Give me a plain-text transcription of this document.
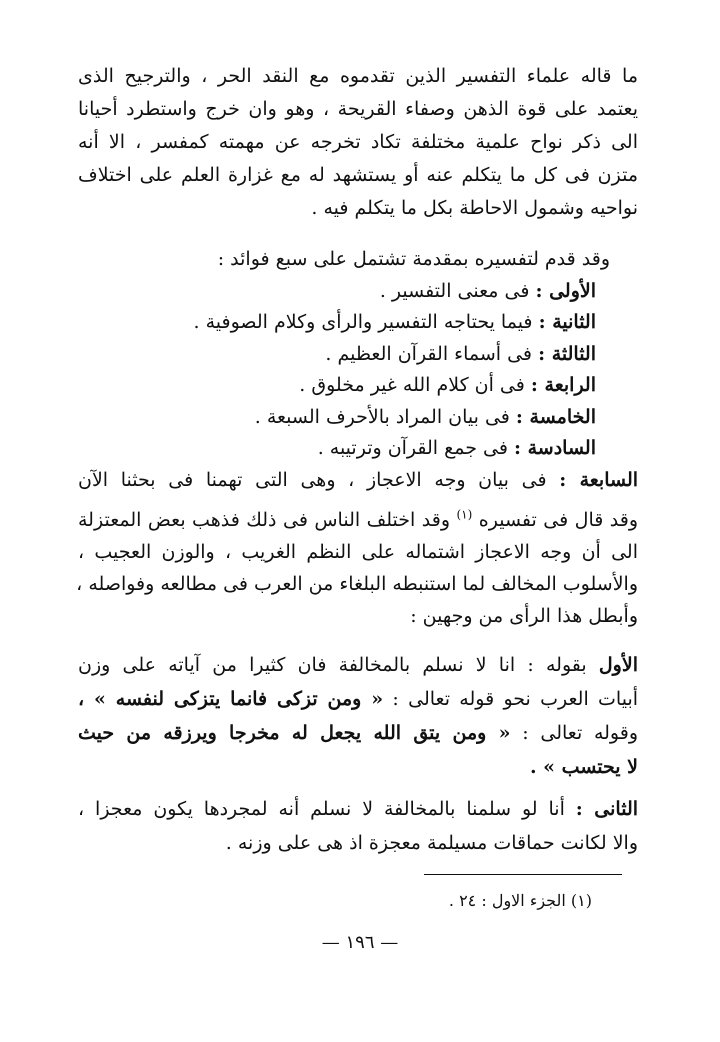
ما قاله علماء التفسير الذين تقدموه مع النقد الحر ، والترجيح الذى
يعتمد على قوة الذهن وصفاء القريحة ، وهو وان خرج واستطرد أحيانا
الى ذكر نواح علمية مختلفة تكاد تخرجه عن مهمته كمفسر ، الا أنه
متزن فى كل ما يتكلم عنه أو يستشهد له مع غزارة العلم على اختلاف
نواحيه وشمول الاحاطة بكل ما يتكلم فيه .
وقد قدم لتفسيره بمقدمة تشتمل على سبع فوائد :
الأولى : فى معنى التفسير .
الثانية : فيما يحتاجه التفسير والرأى وكلام الصوفية .
الثالثة : فى أسماء القرآن العظيم .
الرابعة : فى أن كلام الله غير مخلوق .
الخامسة : فى بيان المراد بالأحرف السبعة .
السادسة : فى جمع القرآن وترتيبه .
السابعة : فى بيان وجه الاعجاز ، وهى التى تهمنا فى بحثنا الآن
وقد قال فى تفسيره $^{(١)}$ وقد اختلف الناس فى ذلك فذهب بعض المعتزلة
الى أن وجه الاعجاز اشتماله على النظم الغريب ، والوزن العجيب ،
والأسلوب المخالف لما استنبطه البلغاء من العرب فى مطالعه وفواصله ،
وأبطل هذا الرأى من وجهين :
الأول بقوله : انا لا نسلم بالمخالفة فان كثيرا من آياته على وزن
أبيات العرب نحو قوله تعالى : « ومن تزكى فانما يتزكى لنفسه » ،
وقوله تعالى : « ومن يتق الله يجعل له مخرجا ويرزقه من حيث
لا يحتسب » .
الثانى : أنا لو سلمنا بالمخالفة لا نسلم أنه لمجردها يكون معجزا ،
والا لكانت حماقات مسيلمة معجزة اذ هى على وزنه .
(١) الجزء الاول : ٢٤ .
— ١٩٦ —
